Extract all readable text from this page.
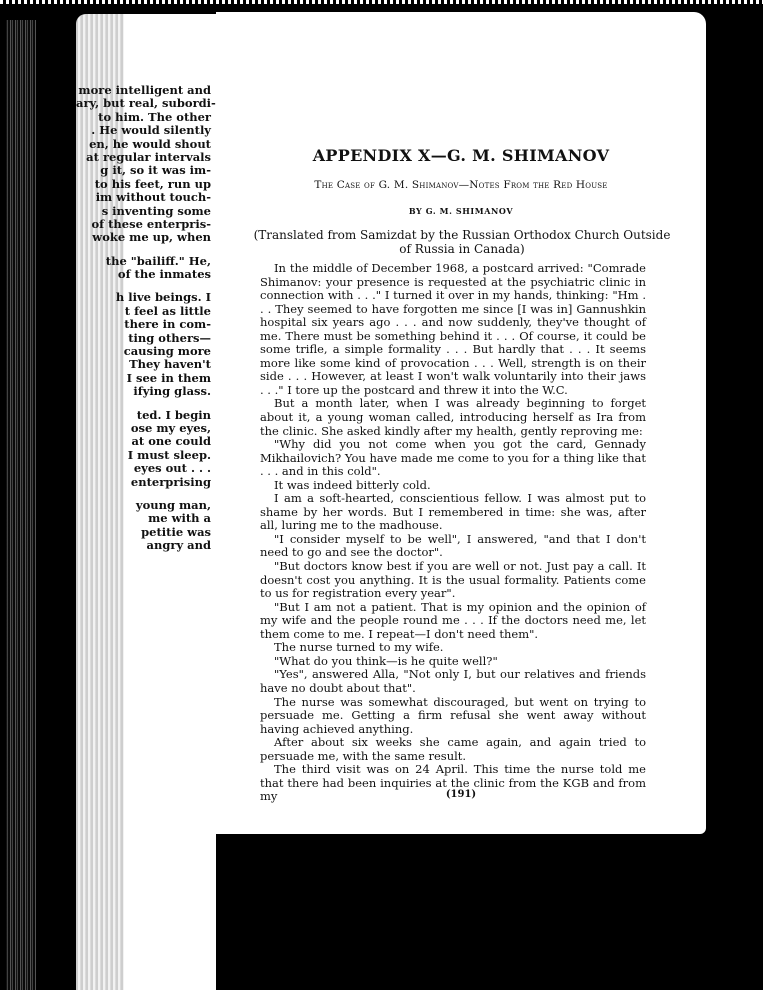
more intelligent and
ary, but real, subordi-
to him. The other
. He would silently
en, he would shout
at regular intervals
g it, so it was im-
to his feet, run up
im without touch-
s inventing some
of these enterpris-
woke me up, when
the "bailiff." He,
of the inmates
h live beings. I
t feel as little
there in com-
ting others—
causing more
They haven't
I see in them
ifying glass.
ted. I begin
ose my eyes,
at one could
I must sleep.
eyes out . . .
enterprising
young man,
me with a
petitie was
angry and
APPENDIX X—G. M. SHIMANOV
The Case of G. M. Shimanov—Notes From the Red House
BY G. M. SHIMANOV
(Translated from Samizdat by the Russian Orthodox Church Outside of Russia in Canada)

In the middle of December 1968, a postcard arrived: "Comrade Shimanov: your presence is requested at the psychiatric clinic in connection with . . ." I turned it over in my hands, thinking: "Hm . . . They seemed to have forgotten me since [I was in] Gannushkin hospital six years ago . . . and now suddenly, they've thought of me. There must be something behind it . . . Of course, it could be some trifle, a simple formality . . . But hardly that . . . It seems more like some kind of provocation . . . Well, strength is on their side . . . However, at least I won't walk voluntarily into their jaws . . ." I tore up the postcard and threw it into the W.C.

But a month later, when I was already beginning to forget about it, a young woman called, introducing herself as Ira from the clinic. She asked kindly after my health, gently reproving me:

"Why did you not come when you got the card, Gennady Mikhailovich? You have made me come to you for a thing like that . . . and in this cold".

It was indeed bitterly cold.

I am a soft-hearted, conscientious fellow. I was almost put to shame by her words. But I remembered in time: she was, after all, luring me to the madhouse.

"I consider myself to be well", I answered, "and that I don't need to go and see the doctor".

"But doctors know best if you are well or not. Just pay a call. It doesn't cost you anything. It is the usual formality. Patients come to us for registration every year".

"But I am not a patient. That is my opinion and the opinion of my wife and the people round me . . . If the doctors need me, let them come to me. I repeat—I don't need them".

The nurse turned to my wife.

"What do you think—is he quite well?"

"Yes", answered Alla, "Not only I, but our relatives and friends have no doubt about that".

The nurse was somewhat discouraged, but went on trying to persuade me. Getting a firm refusal she went away without having achieved anything.

After about six weeks she came again, and again tried to persuade me, with the same result.

The third visit was on 24 April. This time the nurse told me that there had been inquiries at the clinic from the KGB and from my	(191)
